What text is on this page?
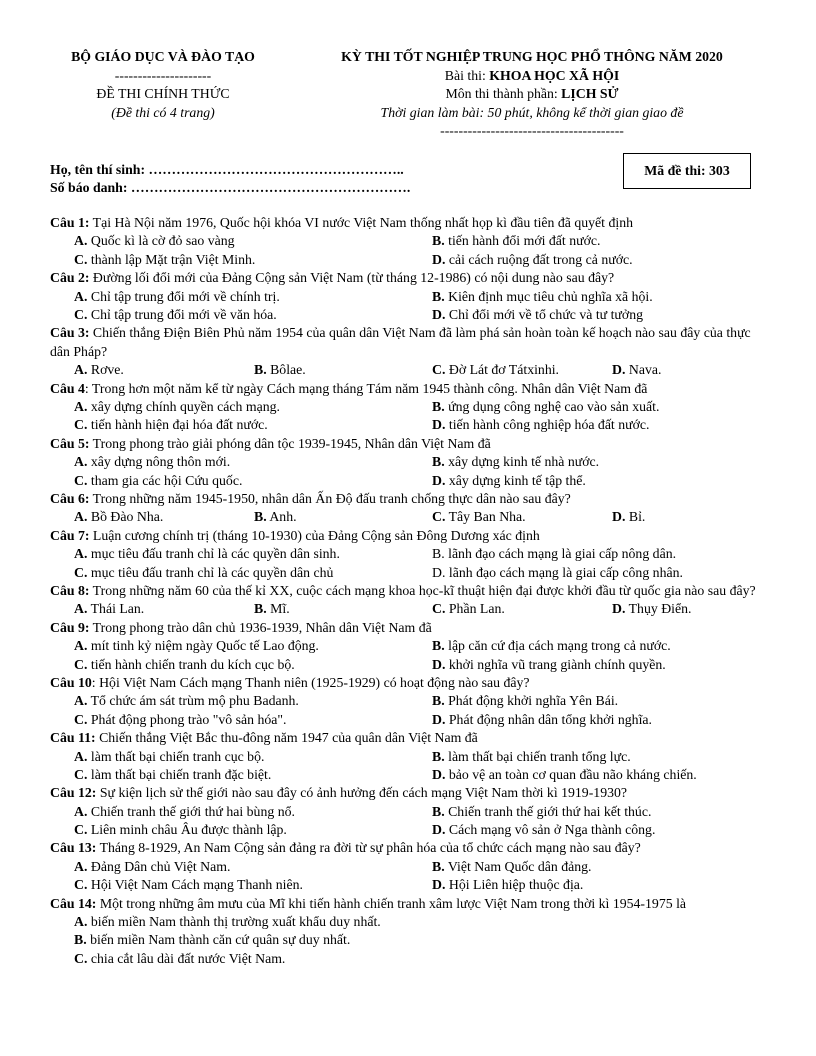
BỘ GIÁO DỤC VÀ ĐÀO TẠO
---------------------
ĐỀ THI CHÍNH THỨC
(Đề thi có 4 trang)
KỲ THI TỐT NGHIỆP TRUNG HỌC PHỔ THÔNG NĂM 2020
Bài thi: KHOA HỌC XÃ HỘI
Môn thi thành phần: LỊCH SỬ
Thời gian làm bài: 50 phút, không kể thời gian giao đề
----------------------------------------
Họ, tên thí sinh: ………………………………………………..
Số báo danh: …………………………………………………….
Mã đề thi: 303
Câu 1: Tại Hà Nội năm 1976, Quốc hội khóa VI nước Việt Nam thống nhất họp kì đầu tiên đã quyết định
A. Quốc kì là cờ đỏ sao vàng	B. tiến hành đổi mới đất nước.
C. thành lập Mặt trận Việt Minh.	D. cải cách ruộng đất trong cả nước.
Câu 2: Đường lối đổi mới của Đảng Cộng sản Việt Nam (từ tháng 12-1986) có nội dung nào sau đây?
A. Chỉ tập trung đổi mới về chính trị.	B. Kiên định mục tiêu chủ nghĩa xã hội.
C. Chỉ tập trung đổi mới về văn hóa.	D. Chỉ đổi mới về tổ chức và tư tưởng
Câu 3: Chiến thắng Điện Biên Phủ năm 1954 của quân dân Việt Nam đã làm phá sản hoàn toàn kế hoạch nào sau đây của thực dân Pháp?
A. Rơve.	B. Bôlae.	C. Đờ Lát đơ Tátxinhi.	D. Nava.
Câu 4: Trong hơn một năm kể từ ngày Cách mạng tháng Tám năm 1945 thành công. Nhân dân Việt Nam đã
A. xây dựng chính quyền cách mạng.	B. ứng dụng công nghệ cao vào sản xuất.
C. tiến hành hiện đại hóa đất nước.	D. tiến hành công nghiệp hóa đất nước.
Câu 5: Trong phong trào giải phóng dân tộc 1939-1945, Nhân dân Việt Nam đã
A. xây dựng nông thôn mới.	B. xây dựng kinh tế nhà nước.
C. tham gia các hội Cứu quốc.	D. xây dựng kinh tế tập thể.
Câu 6: Trong những năm 1945-1950, nhân dân Ấn Độ đấu tranh chống thực dân nào sau đây?
A. Bồ Đào Nha.	B. Anh.	C. Tây Ban Nha.	D. Bỉ.
Câu 7: Luận cương chính trị (tháng 10-1930) của Đảng Cộng sản Đông Dương xác định
A. mục tiêu đấu tranh chỉ là các quyền dân sinh.	B. lãnh đạo cách mạng là giai cấp nông dân.
C. mục tiêu đấu tranh chỉ là các quyền dân chủ	D. lãnh đạo cách mạng là giai cấp công nhân.
Câu 8: Trong những năm 60 của thế kỉ XX, cuộc cách mạng khoa học-kĩ thuật hiện đại được khởi đầu từ quốc gia nào sau đây?
A. Thái Lan.	B. Mĩ.	C. Phần Lan.	D. Thụy Điển.
Câu 9: Trong phong trào dân chủ 1936-1939, Nhân dân Việt Nam đã
A. mít tinh kỷ niệm ngày Quốc tế Lao động.	B. lập căn cứ địa cách mạng trong cả nước.
C. tiến hành chiến tranh du kích cục bộ.	D. khởi nghĩa vũ trang giành chính quyền.
Câu 10: Hội Việt Nam Cách mạng Thanh niên (1925-1929) có hoạt động nào sau đây?
A. Tổ chức ám sát trùm mộ phu Badanh.	B. Phát động khởi nghĩa Yên Bái.
C. Phát động phong trào "vô sản hóa".	D. Phát động nhân dân tổng khởi nghĩa.
Câu 11: Chiến thắng Việt Bắc thu-đông năm 1947 của quân dân Việt Nam đã
A. làm thất bại chiến tranh cục bộ.	B. làm thất bại chiến tranh tổng lực.
C. làm thất bại chiến tranh đặc biệt.	D. bảo vệ an toàn cơ quan đầu não kháng chiến.
Câu 12: Sự kiện lịch sử thế giới nào sau đây có ảnh hưởng đến cách mạng Việt Nam thời kì 1919-1930?
A. Chiến tranh thế giới thứ hai bùng nổ.	B. Chiến tranh thế giới thứ hai kết thúc.
C. Liên minh châu Âu được thành lập.	D. Cách mạng vô sản ở Nga thành công.
Câu 13: Tháng 8-1929, An Nam Cộng sản đảng ra đời từ sự phân hóa của tổ chức cách mạng nào sau đây?
A. Đảng Dân chủ Việt Nam.	B. Việt Nam Quốc dân đảng.
C. Hội Việt Nam Cách mạng Thanh niên.	D. Hội Liên hiệp thuộc địa.
Câu 14: Một trong những âm mưu của Mĩ khi tiến hành chiến tranh xâm lược Việt Nam trong thời kì 1954-1975 là
A. biến miền Nam thành thị trường xuất khẩu duy nhất.
B. biến miền Nam thành căn cứ quân sự duy nhất.
C. chia cắt lâu dài đất nước Việt Nam.
